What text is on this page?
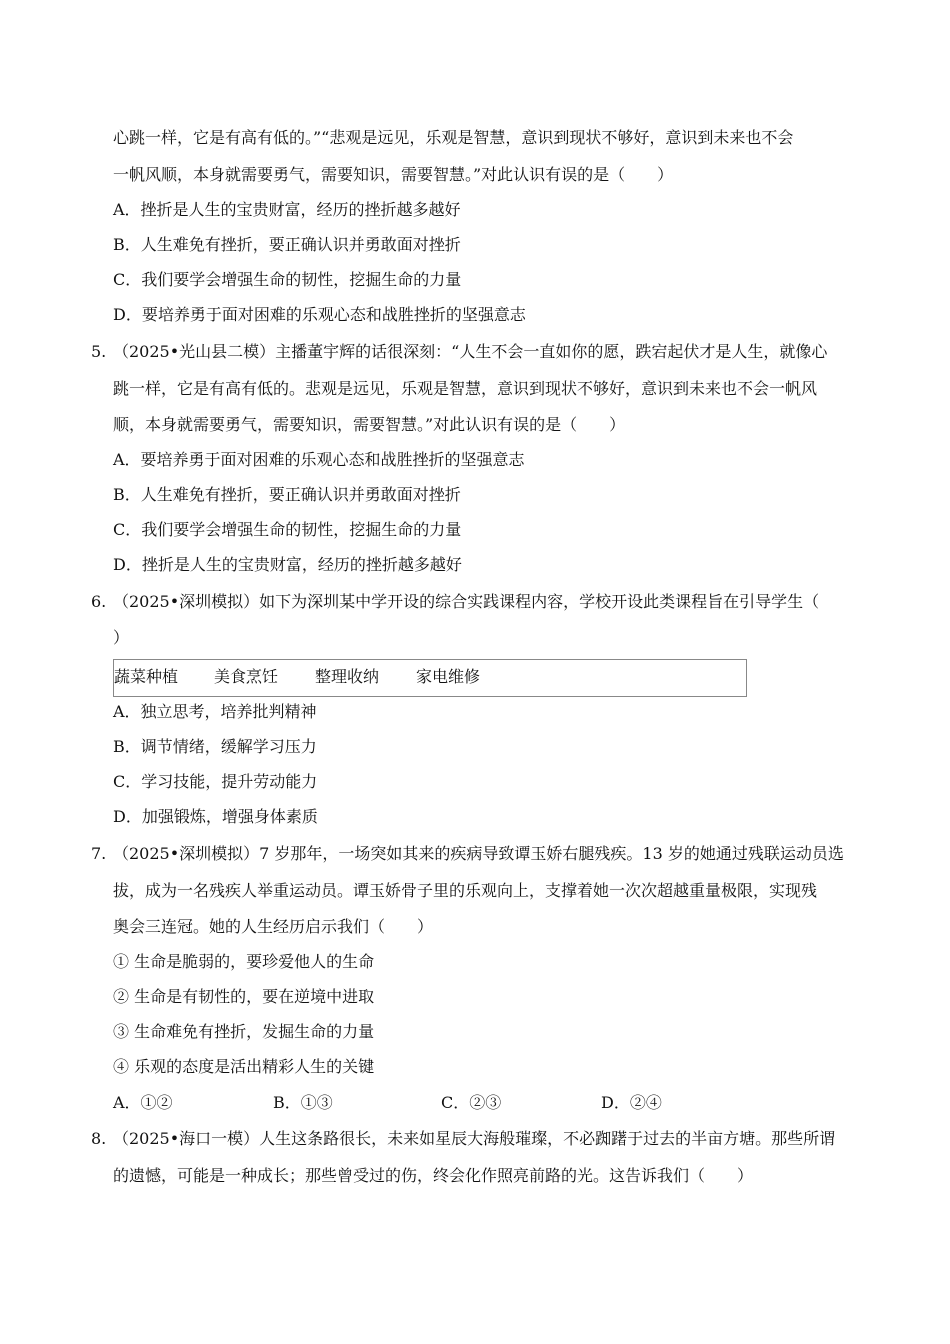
心跳一样，它是有高有低的。”“悲观是远见，乐观是智慧，意识到现状不够好，意识到未来也不会
一帆风顺，本身就需要勇气，需要知识，需要智慧。”对此认识有误的是（　　）
A．挫折是人生的宝贵财富，经历的挫折越多越好
B．人生难免有挫折，要正确认识并勇敢面对挫折
C．我们要学会增强生命的韧性，挖掘生命的力量
D．要培养勇于面对困难的乐观心态和战胜挫折的坚强意志
5. （2025•光山县二模）主播董宇辉的话很深刻：“人生不会一直如你的愿，跌宕起伏才是人生，就像心
跳一样，它是有高有低的。悲观是远见，乐观是智慧，意识到现状不够好，意识到未来也不会一帆风
顺，本身就需要勇气，需要知识，需要智慧。”对此认识有误的是（　　）
A．要培养勇于面对困难的乐观心态和战胜挫折的坚强意志
B．人生难免有挫折，要正确认识并勇敢面对挫折
C．我们要学会增强生命的韧性，挖掘生命的力量
D．挫折是人生的宝贵财富，经历的挫折越多越好
6. （2025•深圳模拟）如下为深圳某中学开设的综合实践课程内容，学校开设此类课程旨在引导学生（
）
蔬菜种植 美食烹饪 整理收纳 家电维修
A．独立思考，培养批判精神
B．调节情绪，缓解学习压力
C．学习技能，提升劳动能力
D．加强锻炼，增强身体素质
7. （2025•深圳模拟）7 岁那年，一场突如其来的疾病导致谭玉娇右腿残疾。13 岁的她通过残联运动员选
拔，成为一名残疾人举重运动员。谭玉娇骨子里的乐观向上，支撑着她一次次超越重量极限，实现残
奥会三连冠。她的人生经历启示我们（　　）
① 生命是脆弱的，要珍爱他人的生命
② 生命是有韧性的，要在逆境中进取
③ 生命难免有挫折，发掘生命的力量
④ 乐观的态度是活出精彩人生的关键
A．①②	B．①③	C．②③	D．②④
8. （2025•海口一模）人生这条路很长，未来如星辰大海般璀璨，不必踟躇于过去的半亩方塘。那些所谓
的遗憾，可能是一种成长；那些曾受过的伤，终会化作照亮前路的光。这告诉我们（　　）
